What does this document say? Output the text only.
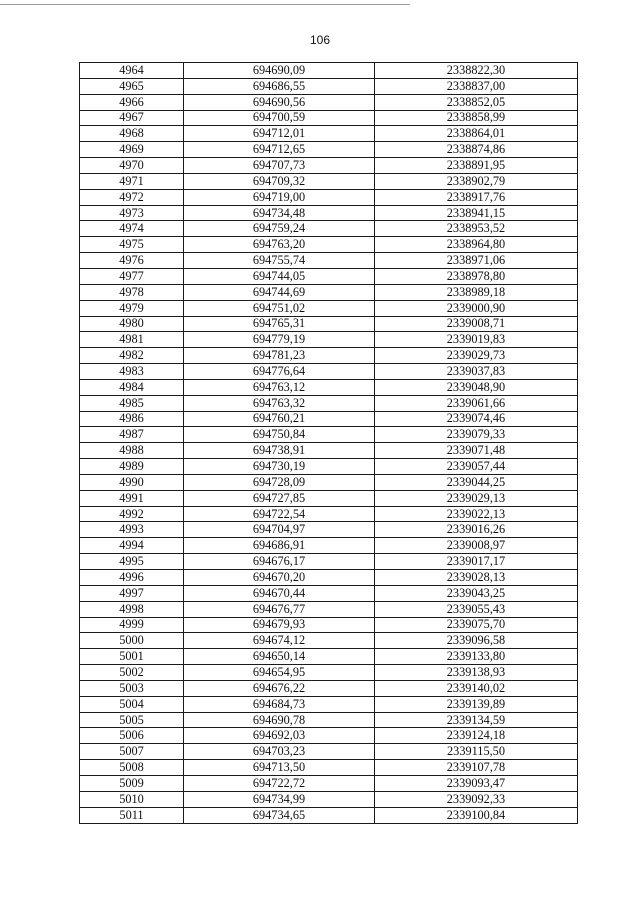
106
4964	694690,09	2338822,30
4965	694686,55	2338837,00
4966	694690,56	2338852,05
4967	694700,59	2338858,99
4968	694712,01	2338864,01
4969	694712,65	2338874,86
4970	694707,73	2338891,95
4971	694709,32	2338902,79
4972	694719,00	2338917,76
4973	694734,48	2338941,15
4974	694759,24	2338953,52
4975	694763,20	2338964,80
4976	694755,74	2338971,06
4977	694744,05	2338978,80
4978	694744,69	2338989,18
4979	694751,02	2339000,90
4980	694765,31	2339008,71
4981	694779,19	2339019,83
4982	694781,23	2339029,73
4983	694776,64	2339037,83
4984	694763,12	2339048,90
4985	694763,32	2339061,66
4986	694760,21	2339074,46
4987	694750,84	2339079,33
4988	694738,91	2339071,48
4989	694730,19	2339057,44
4990	694728,09	2339044,25
4991	694727,85	2339029,13
4992	694722,54	2339022,13
4993	694704,97	2339016,26
4994	694686,91	2339008,97
4995	694676,17	2339017,17
4996	694670,20	2339028,13
4997	694670,44	2339043,25
4998	694676,77	2339055,43
4999	694679,93	2339075,70
5000	694674,12	2339096,58
5001	694650,14	2339133,80
5002	694654,95	2339138,93
5003	694676,22	2339140,02
5004	694684,73	2339139,89
5005	694690,78	2339134,59
5006	694692,03	2339124,18
5007	694703,23	2339115,50
5008	694713,50	2339107,78
5009	694722,72	2339093,47
5010	694734,99	2339092,33
5011	694734,65	2339100,84
